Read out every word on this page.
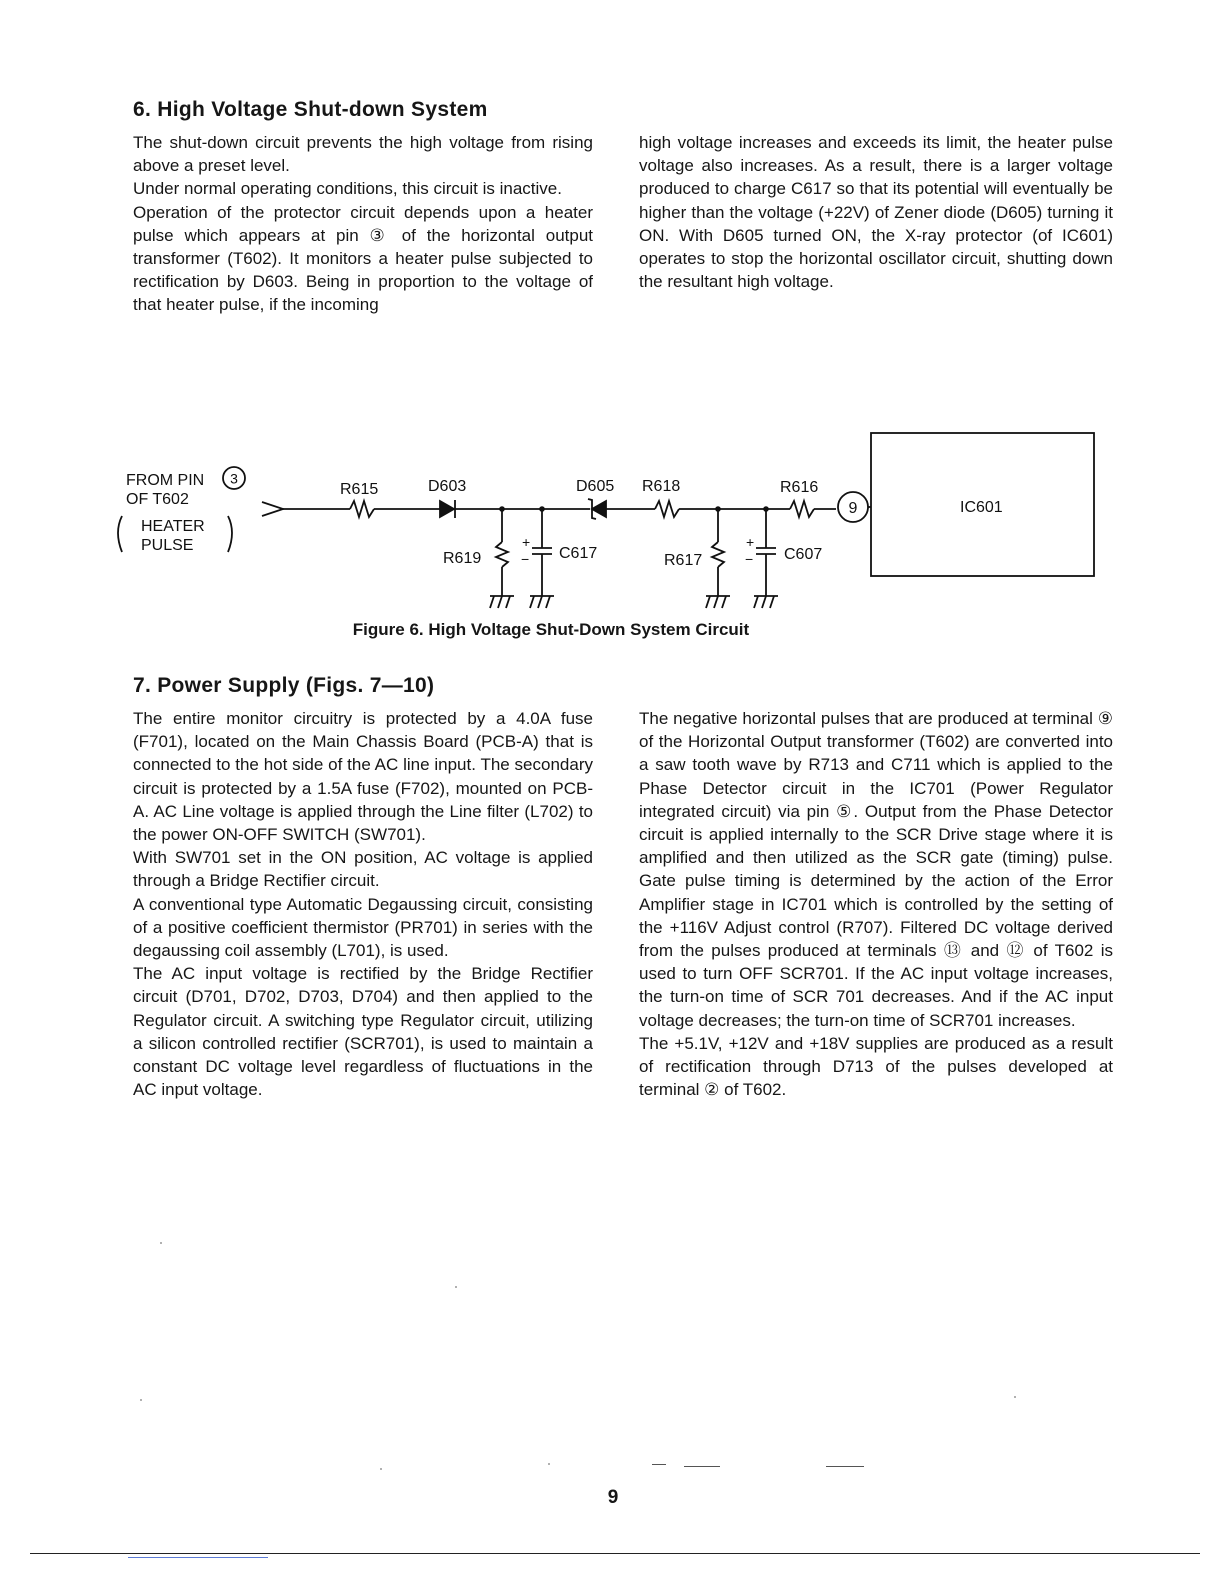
6. High Voltage Shut-down System

The shut-down circuit prevents the high voltage from rising above a preset level.

Under normal operating conditions, this circuit is inactive.

Operation of the protector circuit depends upon a heater pulse which appears at pin ③ of the horizontal output transformer (T602). It monitors a heater pulse subjected to rectification by D603. Being in proportion to the voltage of that heater pulse, if the incoming

high voltage increases and exceeds its limit, the heater pulse voltage also increases. As a result, there is a larger voltage produced to charge C617 so that its potential will eventually be higher than the voltage (+22V) of Zener diode (D605) turning it ON. With D605 turned ON, the X-ray protector (of IC601) operates to stop the horizontal oscillator circuit, shutting down the resultant high voltage.

FROM PIN 3
OF T602
HEATER
PULSE
R615	D603	D605 R618	R616
9	IC601
R619	C617	R617	C607
+
−
+
−
Figure 6. High Voltage Shut-Down System Circuit
7. Power Supply (Figs. 7—10)

The entire monitor circuitry is protected by a 4.0A fuse (F701), located on the Main Chassis Board (PCB-A) that is connected to the hot side of the AC line input. The secondary circuit is protected by a 1.5A fuse (F702), mounted on PCB-A. AC Line voltage is applied through the Line filter (L702) to the power ON-OFF SWITCH (SW701).

With SW701 set in the ON position, AC voltage is applied through a Bridge Rectifier circuit.

A conventional type Automatic Degaussing circuit, consisting of a positive coefficient thermistor (PR701) in series with the degaussing coil assembly (L701), is used.

The AC input voltage is rectified by the Bridge Rectifier circuit (D701, D702, D703, D704) and then applied to the Regulator circuit. A switching type Regulator circuit, utilizing a silicon controlled rectifier (SCR701), is used to maintain a constant DC voltage level regardless of fluctuations in the AC input voltage.

The negative horizontal pulses that are produced at terminal ⑨ of the Horizontal Output transformer (T602) are converted into a saw tooth wave by R713 and C711 which is applied to the Phase Detector circuit in the IC701 (Power Regulator integrated circuit) via pin ⑤. Output from the Phase Detector circuit is applied internally to the SCR Drive stage where it is amplified and then utilized as the SCR gate (timing) pulse. Gate pulse timing is determined by the action of the Error Amplifier stage in IC701 which is controlled by the setting of the +116V Adjust control (R707). Filtered DC voltage derived from the pulses produced at terminals ⑬ and ⑫ of T602 is used to turn OFF SCR701. If the AC input voltage increases, the turn-on time of SCR 701 decreases. And if the AC input voltage decreases; the turn-on time of SCR701 increases.

The +5.1V, +12V and +18V supplies are produced as a result of rectification through D713 of the pulses developed at terminal ② of T602.

9
